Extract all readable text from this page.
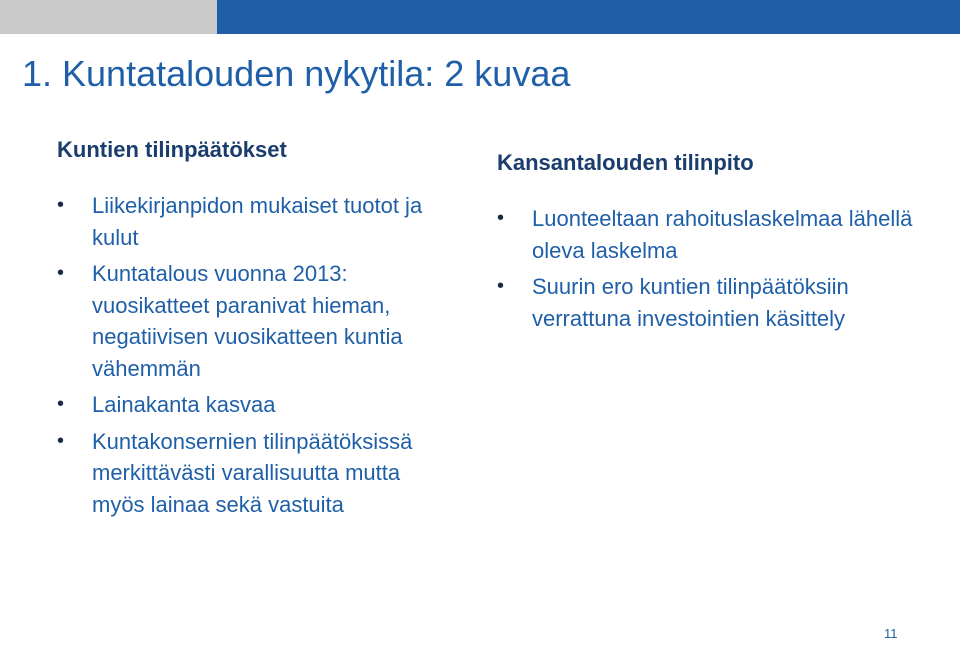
1. Kuntatalouden nykytila: 2 kuvaa
Kuntien tilinpäätökset
• Liikekirjanpidon mukaiset tuotot ja kulut
• Kuntatalous vuonna 2013: vuosikatteet paranivat hieman, negatiivisen vuosikatteen kuntia vähemmän
• Lainakanta kasvaa
• Kuntakonsernien tilinpäätöksissä merkittävästi varallisuutta mutta myös lainaa sekä vastuita
Kansantalouden tilinpito
• Luonteeltaan rahoituslaskelmaa lähellä oleva laskelma
• Suurin ero kuntien tilinpäätöksiin verrattuna investointien käsittely
11
